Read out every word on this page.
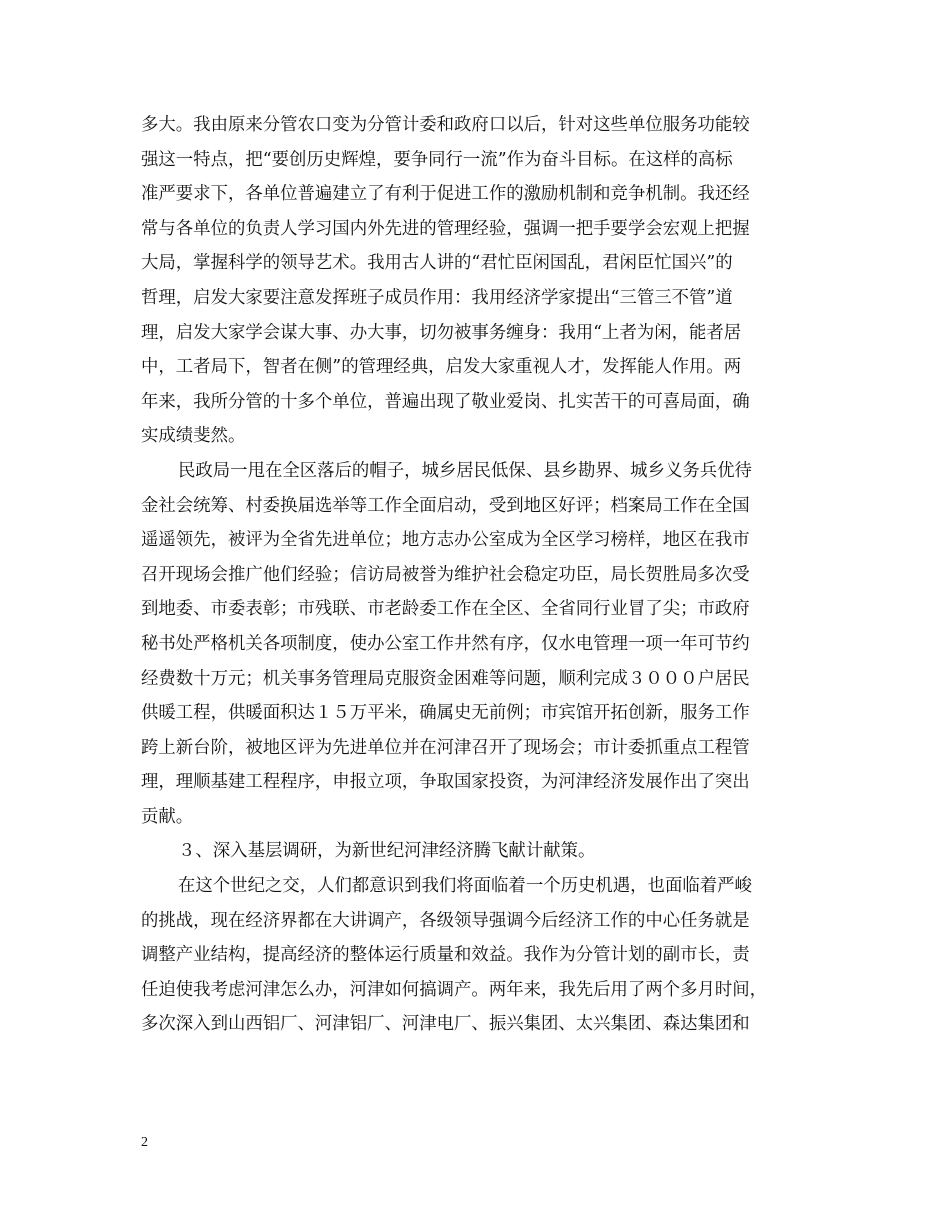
多大。我由原来分管农口变为分管计委和政府口以后，针对这些单位服务功能较
强这一特点，把“要创历史辉煌，要争同行一流”作为奋斗目标。在这样的高标
准严要求下，各单位普遍建立了有利于促进工作的激励机制和竞争机制。我还经
常与各单位的负责人学习国内外先进的管理经验，强调一把手要学会宏观上把握
大局，掌握科学的领导艺术。我用古人讲的“君忙臣闲国乱，君闲臣忙国兴”的
哲理，启发大家要注意发挥班子成员作用：我用经济学家提出“三管三不管”道
理，启发大家学会谋大事、办大事，切勿被事务缠身：我用“上者为闲，能者居
中，工者局下，智者在侧”的管理经典，启发大家重视人才，发挥能人作用。两
年来，我所分管的十多个单位，普遍出现了敬业爱岗、扎实苦干的可喜局面，确
实成绩斐然。
民政局一甩在全区落后的帽子，城乡居民低保、县乡勘界、城乡义务兵优待
金社会统筹、村委换届选举等工作全面启动，受到地区好评；档案局工作在全国
遥遥领先，被评为全省先进单位；地方志办公室成为全区学习榜样，地区在我市
召开现场会推广他们经验；信访局被誉为维护社会稳定功臣，局长贺胜局多次受
到地委、市委表彰；市残联、市老龄委工作在全区、全省同行业冒了尖；市政府
秘书处严格机关各项制度，使办公室工作井然有序，仅水电管理一项一年可节约
经费数十万元；机关事务管理局克服资金困难等问题，顺利完成３０００户居民
供暖工程，供暖面积达１５万平米，确属史无前例；市宾馆开拓创新，服务工作
跨上新台阶，被地区评为先进单位并在河津召开了现场会；市计委抓重点工程管
理，理顺基建工程程序，申报立项，争取国家投资，为河津经济发展作出了突出
贡献。
３、深入基层调研，为新世纪河津经济腾飞献计献策。
在这个世纪之交，人们都意识到我们将面临着一个历史机遇，也面临着严峻
的挑战，现在经济界都在大讲调产，各级领导强调今后经济工作的中心任务就是
调整产业结构，提高经济的整体运行质量和效益。我作为分管计划的副市长，责
任迫使我考虑河津怎么办，河津如何搞调产。两年来，我先后用了两个多月时间，
多次深入到山西铝厂、河津铝厂、河津电厂、振兴集团、太兴集团、森达集团和
2
